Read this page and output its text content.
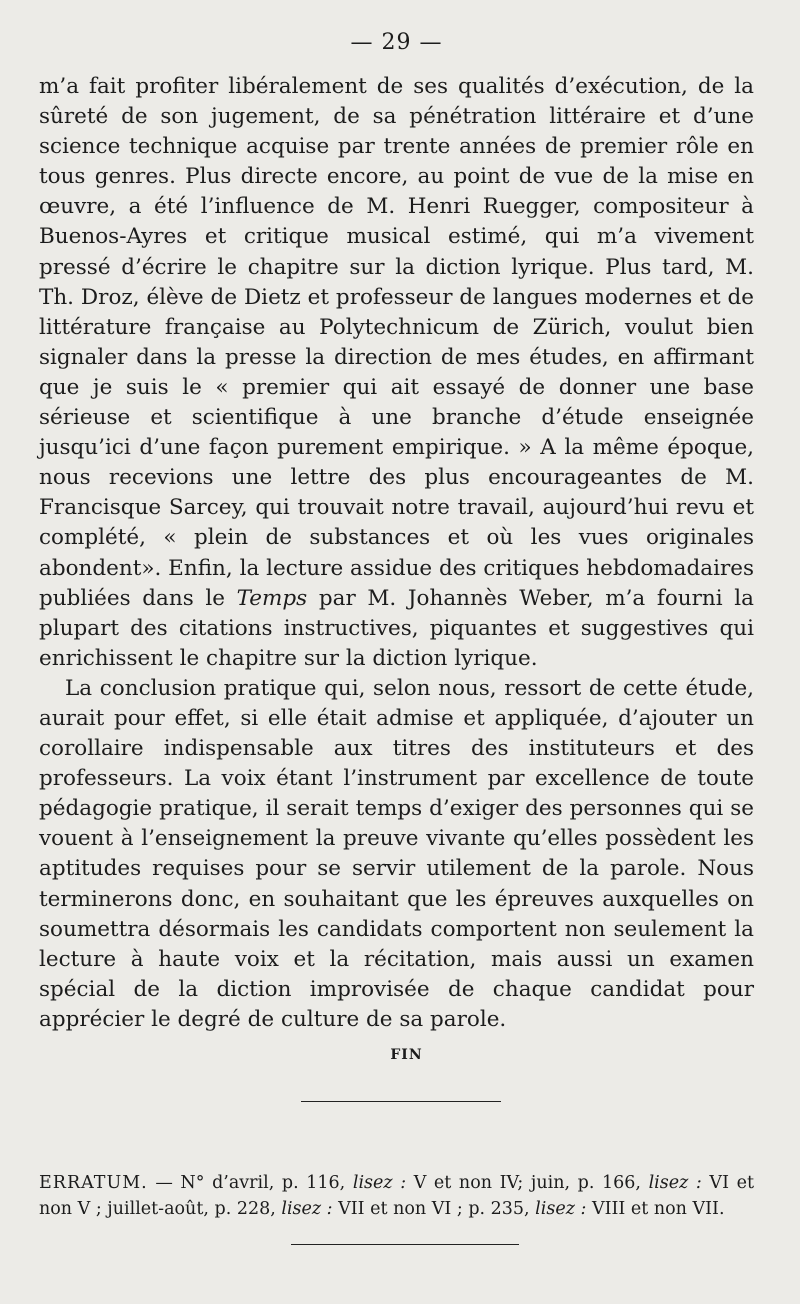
— 29 —

m’a fait profiter libéralement de ses qualités d’exécution, de la sûreté de son jugement, de sa pénétration littéraire et d’une science technique acquise par trente années de premier rôle en tous genres. Plus directe encore, au point de vue de la mise en œuvre, a été l’influence de M. Henri Ruegger, compositeur à Buenos-Ayres et critique musical estimé, qui m’a vivement pressé d’écrire le chapitre sur la diction lyrique. Plus tard, M. Th. Droz, élève de Dietz et professeur de langues modernes et de littérature française au Polytechnicum de Zürich, voulut bien signaler dans la presse la direction de mes études, en affirmant que je suis le « premier qui ait essayé de donner une base sérieuse et scientifique à une branche d’étude enseignée jusqu’ici d’une façon purement empirique. » A la même époque, nous recevions une lettre des plus encourageantes de M. Francisque Sarcey, qui trouvait notre travail, aujourd’hui revu et complété, « plein de substances et où les vues originales abondent». Enfin, la lecture assidue des critiques hebdomadaires publiées dans le Temps par M. Johannès Weber, m’a fourni la plupart des citations instructives, piquantes et suggestives qui enrichissent le chapitre sur la diction lyrique.

La conclusion pratique qui, selon nous, ressort de cette étude, aurait pour effet, si elle était admise et appliquée, d’ajouter un corollaire indispensable aux titres des instituteurs et des professeurs. La voix étant l’instrument par excellence de toute pédagogie pratique, il serait temps d’exiger des personnes qui se vouent à l’enseignement la preuve vivante qu’elles possèdent les aptitudes requises pour se servir utilement de la parole. Nous terminerons donc, en souhaitant que les épreuves auxquelles on soumettra désormais les candidats comportent non seulement la lecture à haute voix et la récitation, mais aussi un examen spécial de la diction improvisée de chaque candidat pour apprécier le degré de culture de sa parole.

FIN
ERRATUM. — N° d’avril, p. 116, lisez : V et non IV; juin, p. 166, lisez : VI et non V ; juillet-août, p. 228, lisez : VII et non VI ; p. 235, lisez : VIII et non VII.
